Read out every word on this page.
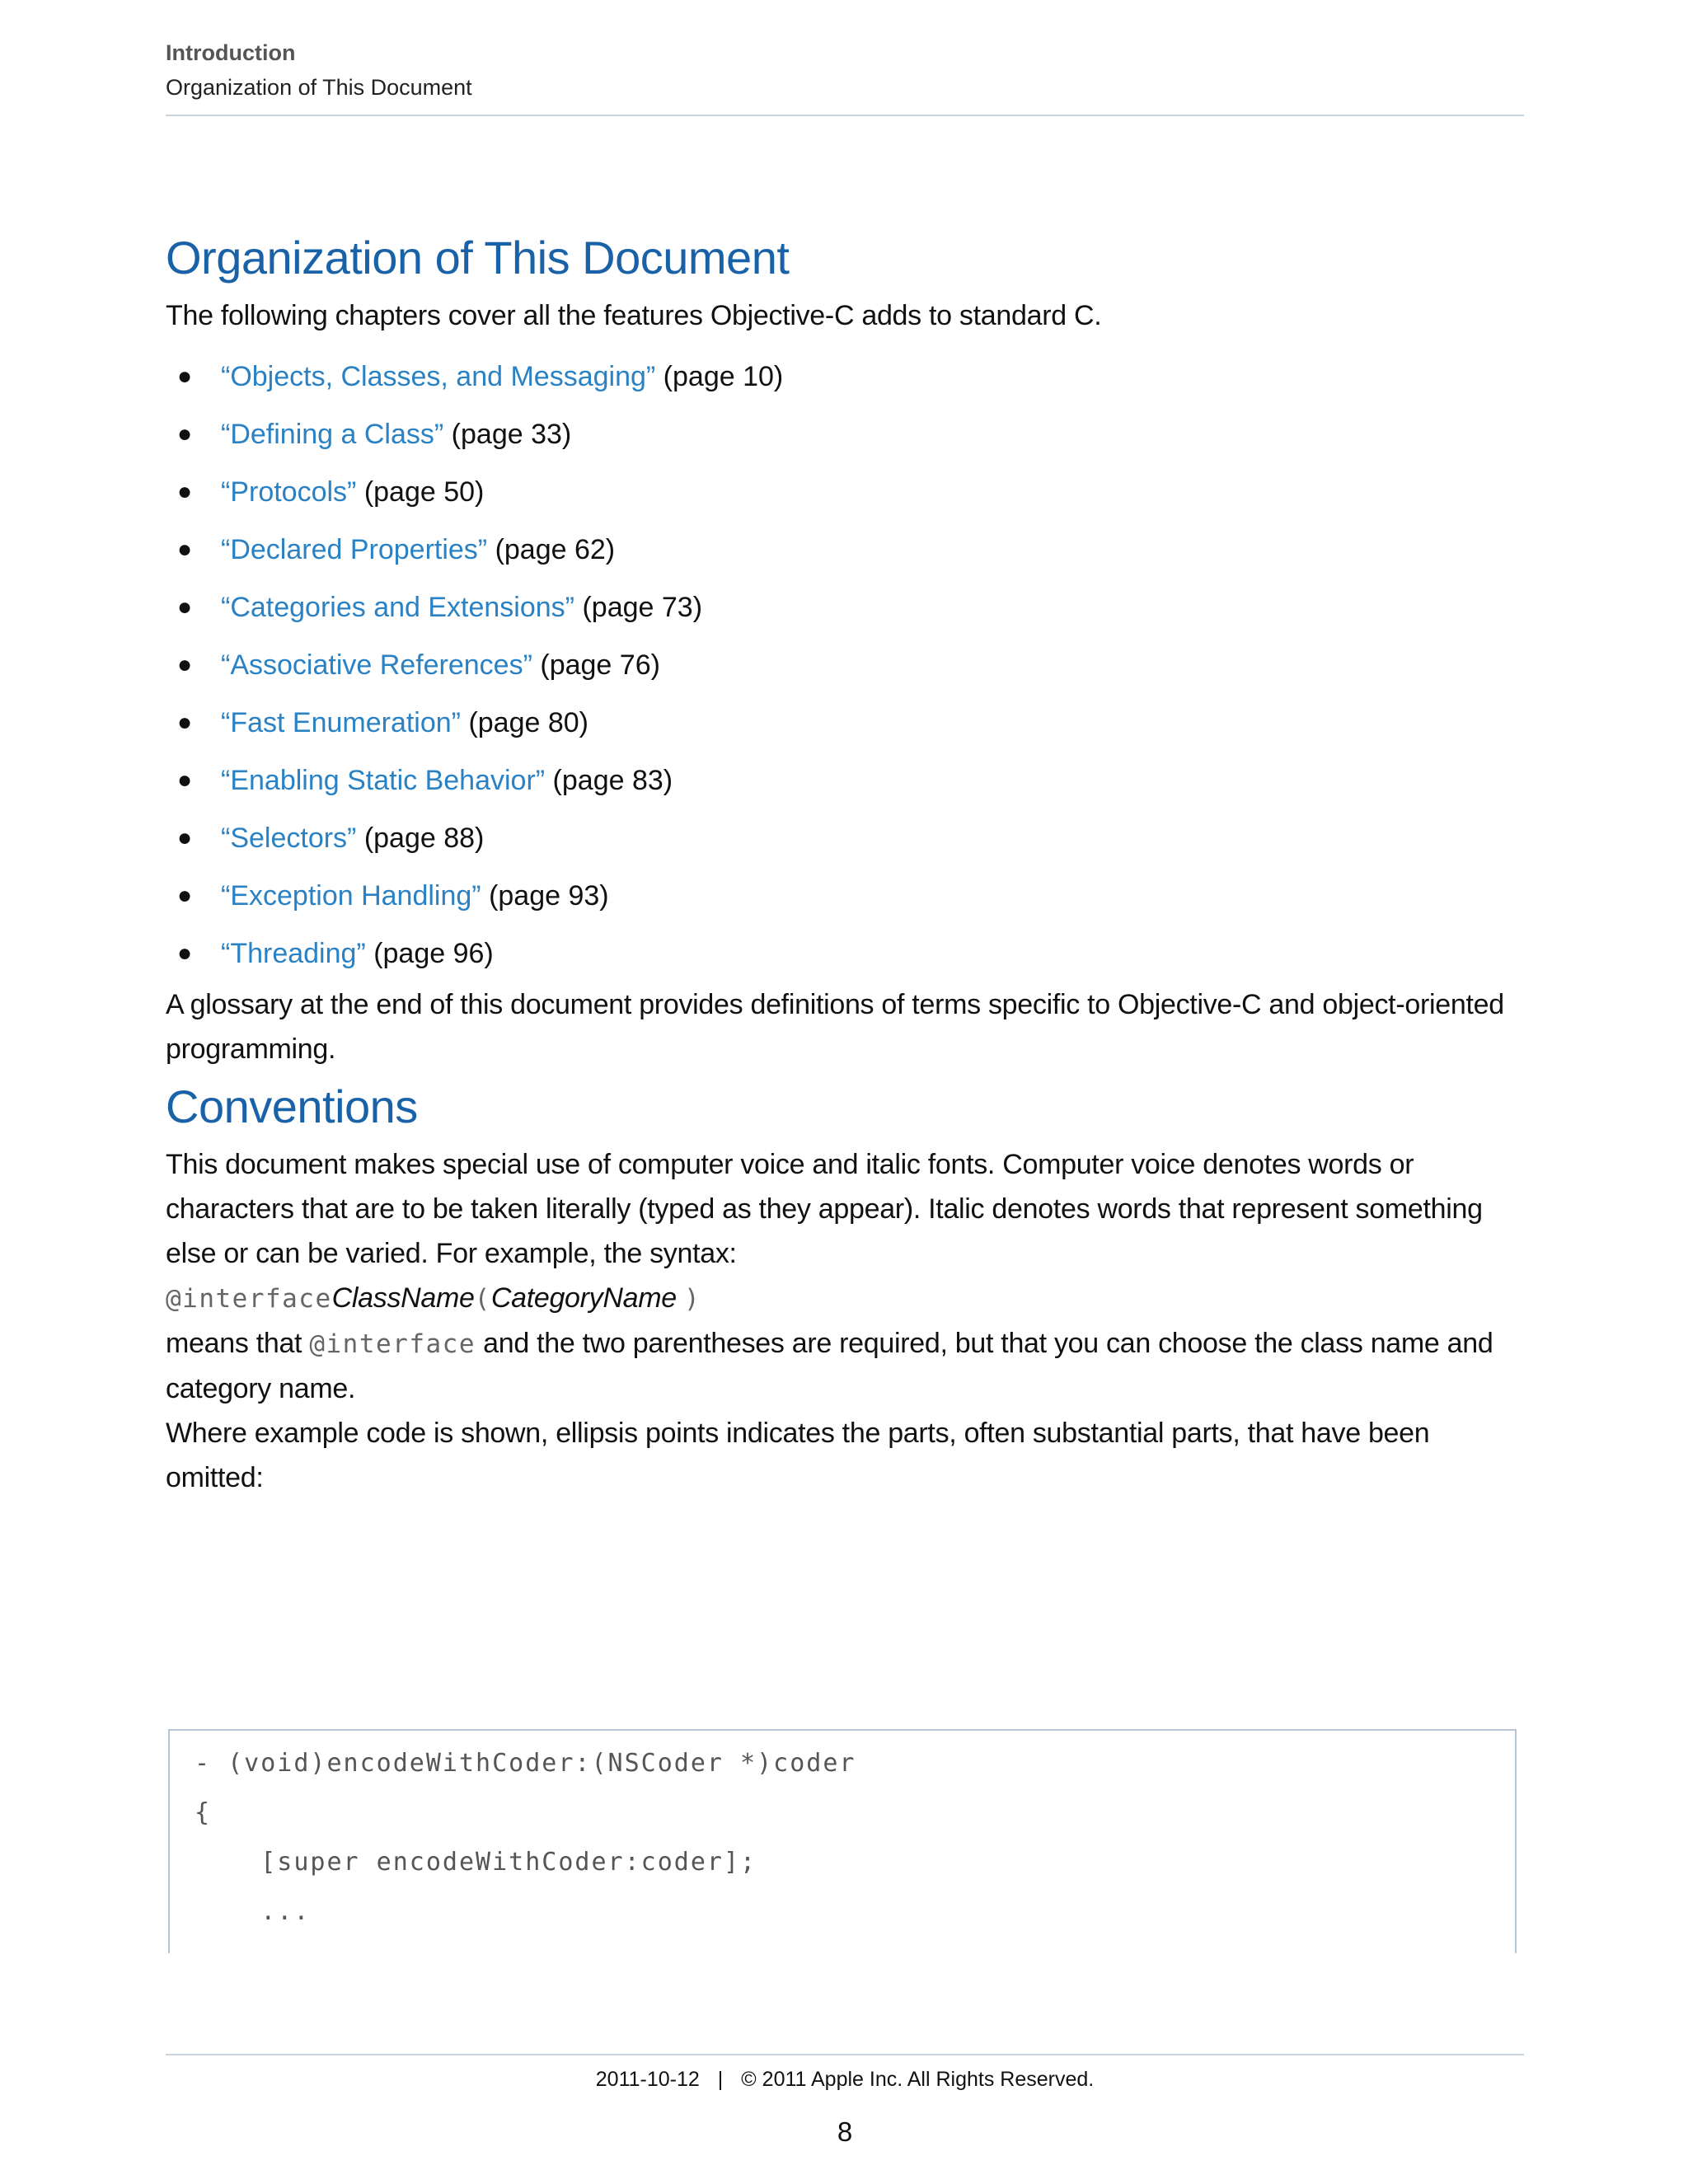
Introduction
Organization of This Document
Organization of This Document

The following chapters cover all the features Objective-C adds to standard C.

● “Objects, Classes, and Messaging” (page 10)
● “Defining a Class” (page 33)
● “Protocols” (page 50)
● “Declared Properties” (page 62)
● “Categories and Extensions” (page 73)
● “Associative References” (page 76)
● “Fast Enumeration” (page 80)
● “Enabling Static Behavior” (page 83)
● “Selectors” (page 88)
● “Exception Handling” (page 93)
● “Threading” (page 96)

A glossary at the end of this document provides definitions of terms specific to Objective-C and object-oriented programming.

Conventions

This document makes special use of computer voice and italic fonts. Computer voice denotes words or characters that are to be taken literally (typed as they appear). Italic denotes words that represent something else or can be varied. For example, the syntax:

@interfaceClassName(CategoryName )

means that @interface and the two parentheses are required, but that you can choose the class name and category name.

Where example code is shown, ellipsis points indicates the parts, often substantial parts, that have been omitted:

- (void)encodeWithCoder:(NSCoder *)coder
{
[super encodeWithCoder:coder];
...
2011-10-12 | © 2011 Apple Inc. All Rights Reserved.
8
